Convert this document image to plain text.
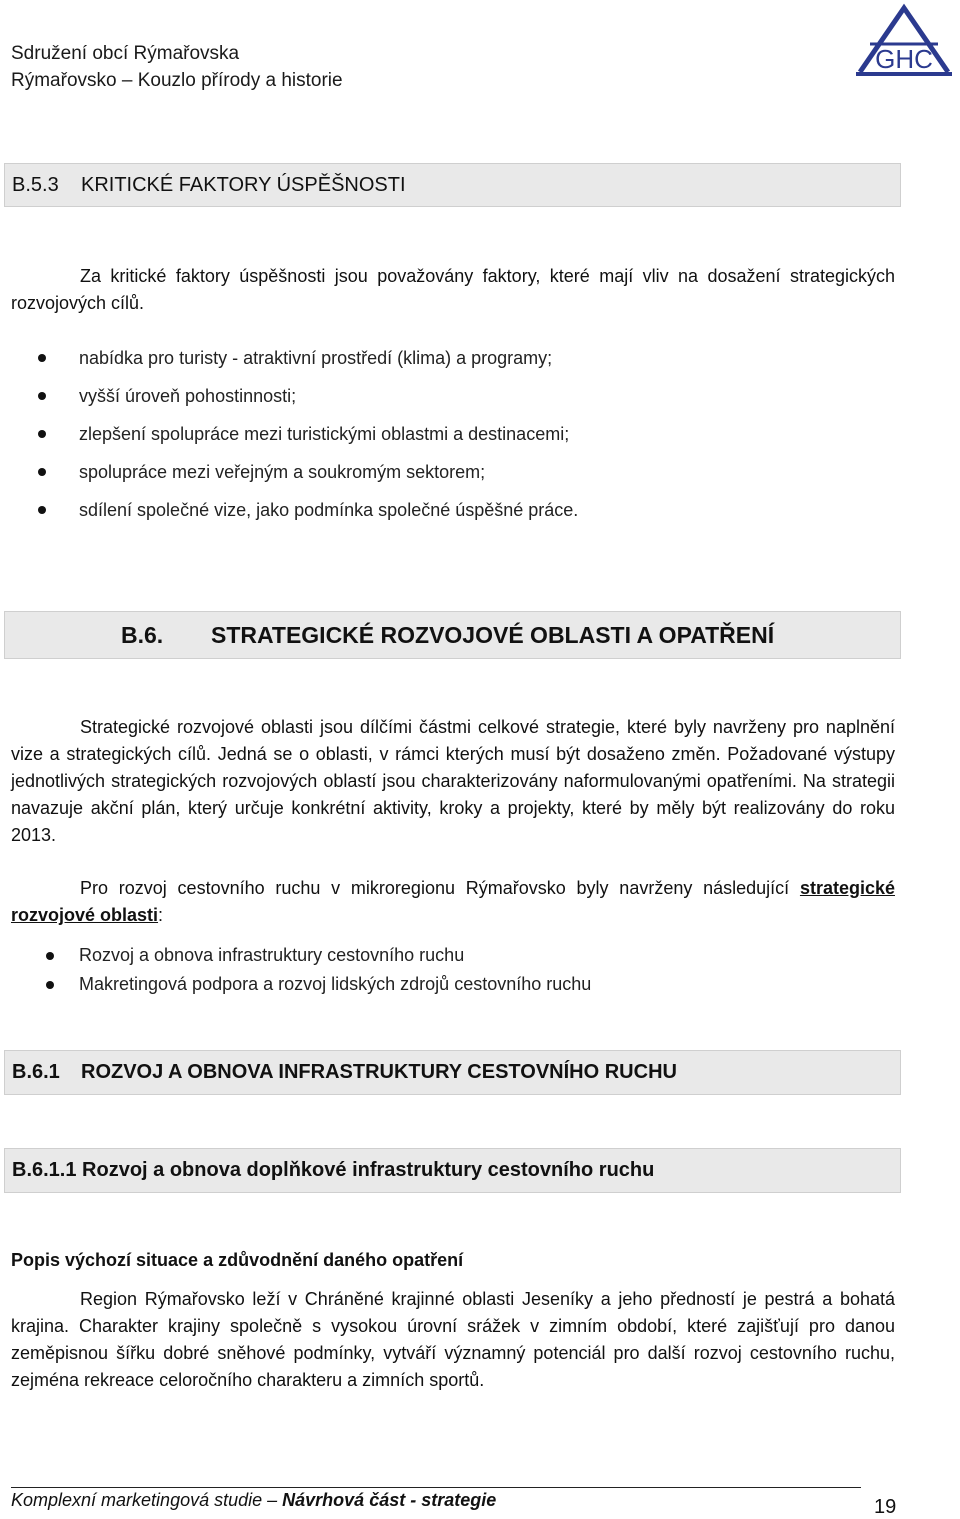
Sdružení obcí Rýmařovska
Rýmařovsko – Kouzlo přírody a historie
GHC
B.5.3 KRITICKÉ FAKTORY ÚSPĚŠNOSTI
Za kritické faktory úspěšnosti jsou považovány faktory, které mají vliv na dosažení strategických rozvojových cílů.
nabídka pro turisty - atraktivní prostředí (klima) a programy;
vyšší úroveň pohostinnosti;
zlepšení spolupráce mezi turistickými oblastmi a destinacemi;
spolupráce mezi veřejným a soukromým sektorem;
sdílení společné vize, jako podmínka společné úspěšné práce.
B.6. STRATEGICKÉ ROZVOJOVÉ OBLASTI A OPATŘENÍ
Strategické rozvojové oblasti jsou dílčími částmi celkové strategie, které byly navrženy pro naplnění vize a strategických cílů. Jedná se o oblasti, v rámci kterých musí být dosaženo změn. Požadované výstupy jednotlivých strategických rozvojových oblastí jsou charakterizovány naformulovanými opatřeními. Na strategii navazuje akční plán, který určuje konkrétní aktivity, kroky a projekty, které by měly být realizovány do roku 2013.
Pro rozvoj cestovního ruchu v mikroregionu Rýmařovsko byly navrženy následující strategické rozvojové oblasti:
Rozvoj a obnova infrastruktury cestovního ruchu
Makretingová podpora a rozvoj lidských zdrojů cestovního ruchu
B.6.1 ROZVOJ A OBNOVA INFRASTRUKTURY CESTOVNÍHO RUCHU
B.6.1.1 Rozvoj a obnova doplňkové infrastruktury cestovního ruchu
Popis výchozí situace a zdůvodnění daného opatření
Region Rýmařovsko leží v Chráněné krajinné oblasti Jeseníky a jeho předností je pestrá a bohatá krajina. Charakter krajiny společně s vysokou úrovní srážek v zimním období, které zajišťují pro danou zeměpisnou šířku dobré sněhové podmínky, vytváří významný potenciál pro další rozvoj cestovního ruchu, zejména rekreace celoročního charakteru a zimních sportů.
Komplexní marketingová studie – Návrhová část - strategie	19
